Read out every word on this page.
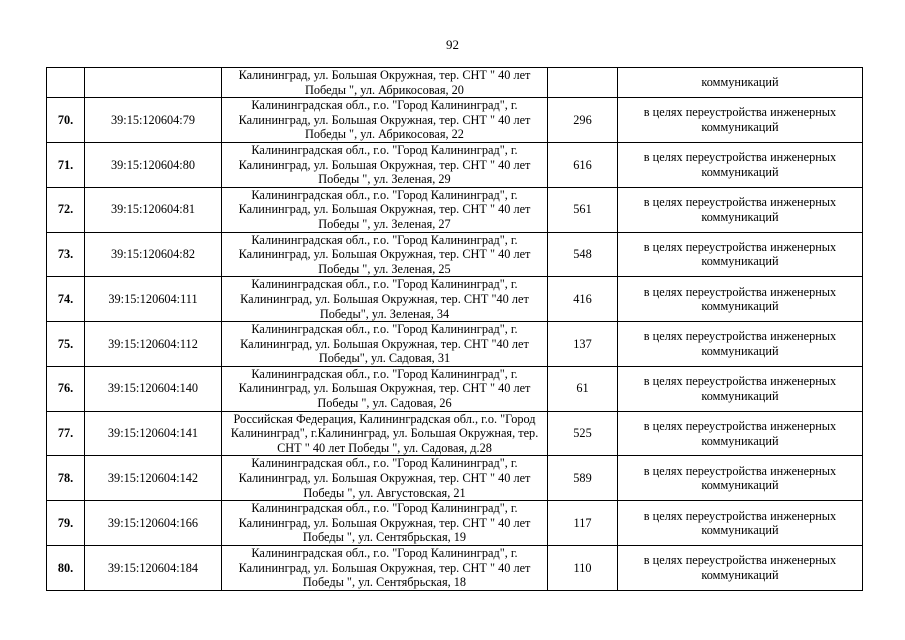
92
		Калининград, ул. Большая Окружная, тер. СНТ " 40 лет Победы ", ул. Абрикосовая, 20		коммуникаций
70.	39:15:120604:79	Калининградская обл., г.о. "Город Калининград", г. Калининград, ул. Большая Окружная, тер. СНТ " 40 лет Победы ", ул. Абрикосовая, 22	296	в целях переустройства инженерных коммуникаций
71.	39:15:120604:80	Калининградская обл., г.о. "Город Калининград", г. Калининград, ул. Большая Окружная, тер. СНТ " 40 лет Победы ", ул. Зеленая, 29	616	в целях переустройства инженерных коммуникаций
72.	39:15:120604:81	Калининградская обл., г.о. "Город Калининград", г. Калининград, ул. Большая Окружная, тер. СНТ " 40 лет Победы ", ул. Зеленая, 27	561	в целях переустройства инженерных коммуникаций
73.	39:15:120604:82	Калининградская обл., г.о. "Город Калининград", г. Калининград, ул. Большая Окружная, тер. СНТ " 40 лет Победы ", ул. Зеленая, 25	548	в целях переустройства инженерных коммуникаций
74.	39:15:120604:111	Калининградская обл., г.о. "Город Калининград", г. Калининград, ул. Большая Окружная, тер. СНТ "40 лет Победы", ул. Зеленая, 34	416	в целях переустройства инженерных коммуникаций
75.	39:15:120604:112	Калининградская обл., г.о. "Город Калининград", г. Калининград, ул. Большая Окружная, тер. СНТ "40 лет Победы", ул. Садовая, 31	137	в целях переустройства инженерных коммуникаций
76.	39:15:120604:140	Калининградская обл., г.о. "Город Калининград", г. Калининград, ул. Большая Окружная, тер. СНТ " 40 лет Победы ", ул. Садовая, 26	61	в целях переустройства инженерных коммуникаций
77.	39:15:120604:141	Российская Федерация, Калининградская обл., г.о. "Город Калининград", г.Калининград, ул. Большая Окружная, тер. СНТ " 40 лет Победы ", ул. Садовая, д.28	525	в целях переустройства инженерных коммуникаций
78.	39:15:120604:142	Калининградская обл., г.о. "Город Калининград", г. Калининград, ул. Большая Окружная, тер. СНТ " 40 лет Победы ", ул. Августовская, 21	589	в целях переустройства инженерных коммуникаций
79.	39:15:120604:166	Калининградская обл., г.о. "Город Калининград", г. Калининград, ул. Большая Окружная, тер. СНТ " 40 лет Победы ", ул. Сентябрьская, 19	117	в целях переустройства инженерных коммуникаций
80.	39:15:120604:184	Калининградская обл., г.о. "Город Калининград", г. Калининград, ул. Большая Окружная, тер. СНТ " 40 лет Победы ", ул. Сентябрьская, 18	110	в целях переустройства инженерных коммуникаций
